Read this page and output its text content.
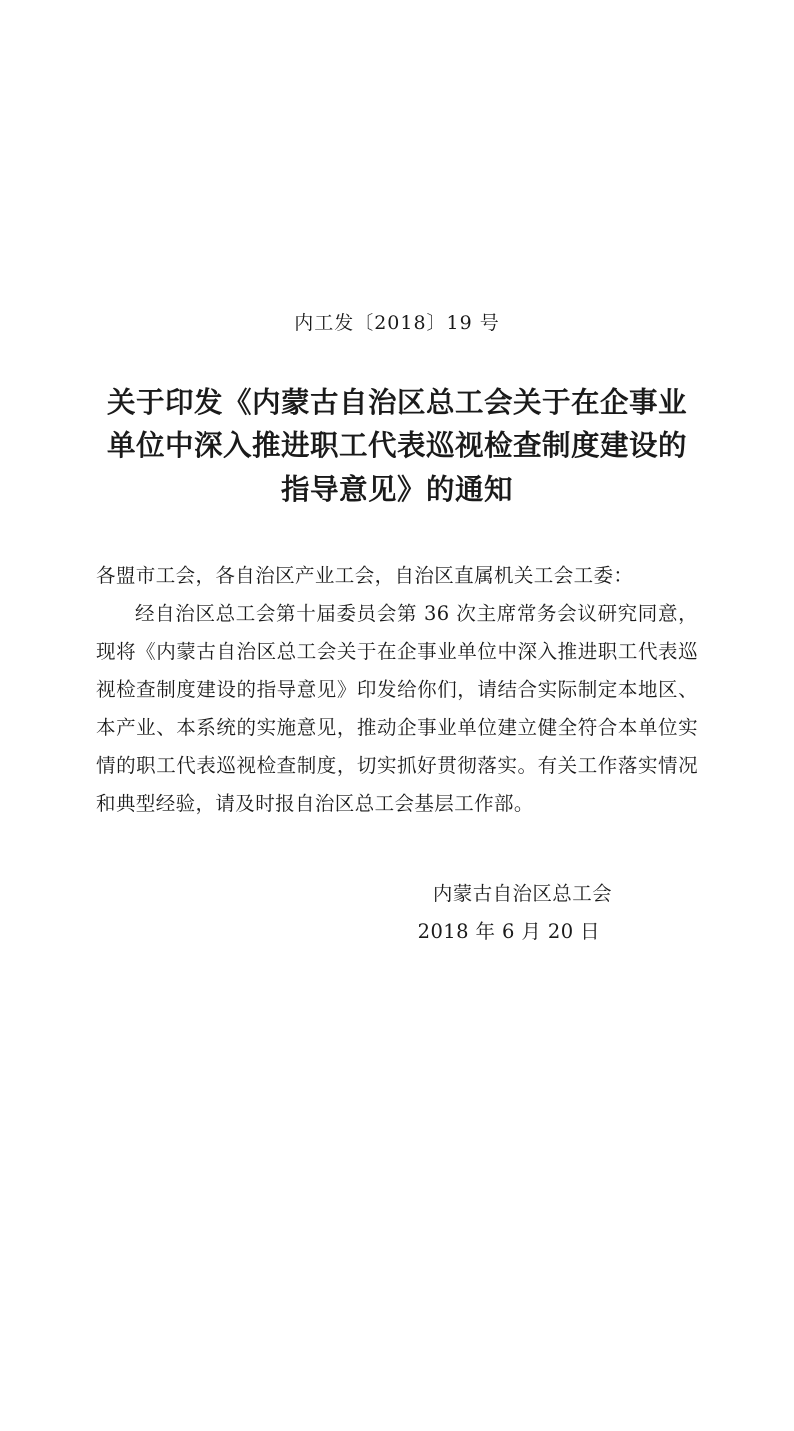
内工发〔2018〕19 号
关于印发《内蒙古自治区总工会关于在企事业单位中深入推进职工代表巡视检查制度建设的指导意见》的通知
各盟市工会，各自治区产业工会，自治区直属机关工会工委：
经自治区总工会第十届委员会第 36 次主席常务会议研究同意，现将《内蒙古自治区总工会关于在企事业单位中深入推进职工代表巡视检查制度建设的指导意见》印发给你们，请结合实际制定本地区、本产业、本系统的实施意见，推动企事业单位建立健全符合本单位实情的职工代表巡视检查制度，切实抓好贯彻落实。有关工作落实情况和典型经验，请及时报自治区总工会基层工作部。
内蒙古自治区总工会
2018 年 6 月 20 日
